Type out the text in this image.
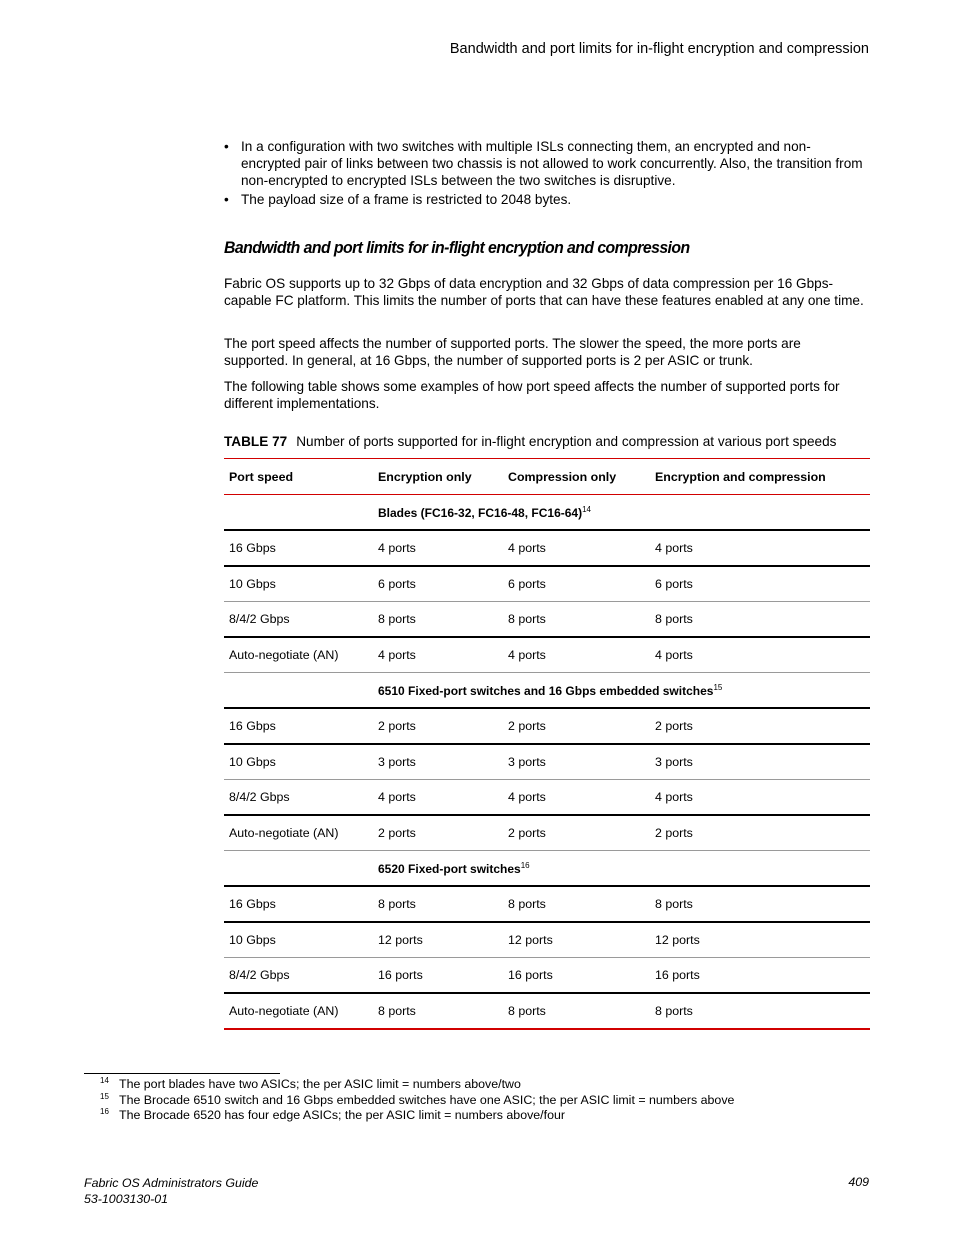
Bandwidth and port limits for in-flight encryption and compression
• In a configuration with two switches with multiple ISLs connecting them, an encrypted and non-encrypted pair of links between two chassis is not allowed to work concurrently. Also, the transition from non-encrypted to encrypted ISLs between the two switches is disruptive.
• The payload size of a frame is restricted to 2048 bytes.
Bandwidth and port limits for in-flight encryption and compression

Fabric OS supports up to 32 Gbps of data encryption and 32 Gbps of data compression per 16 Gbps-capable FC platform. This limits the number of ports that can have these features enabled at any one time.

The port speed affects the number of supported ports. The slower the speed, the more ports are supported. In general, at 16 Gbps, the number of supported ports is 2 per ASIC or trunk.

The following table shows some examples of how port speed affects the number of supported ports for different implementations.

TABLE 77 Number of ports supported for in-flight encryption and compression at various port speeds
Port speed	Encryption only	Compression only	Encryption and compression
	Blades (FC16-32, FC16-48, FC16-64)$^{14}$
16 Gbps	4 ports	4 ports	4 ports
10 Gbps	6 ports	6 ports	6 ports
8/4/2 Gbps	8 ports	8 ports	8 ports
Auto-negotiate (AN)	4 ports	4 ports	4 ports
	6510 Fixed-port switches and 16 Gbps embedded switches$^{15}$
16 Gbps	2 ports	2 ports	2 ports
10 Gbps	3 ports	3 ports	3 ports
8/4/2 Gbps	4 ports	4 ports	4 ports
Auto-negotiate (AN)	2 ports	2 ports	2 ports
	6520 Fixed-port switches$^{16}$
16 Gbps	8 ports	8 ports	8 ports
10 Gbps	12 ports	12 ports	12 ports
8/4/2 Gbps	16 ports	16 ports	16 ports
Auto-negotiate (AN)	8 ports	8 ports	8 ports
14 The port blades have two ASICs; the per ASIC limit = numbers above/two
15 The Brocade 6510 switch and 16 Gbps embedded switches have one ASIC; the per ASIC limit = numbers above
16 The Brocade 6520 has four edge ASICs; the per ASIC limit = numbers above/four
Fabric OS Administrators Guide
53-1003130-01
409
